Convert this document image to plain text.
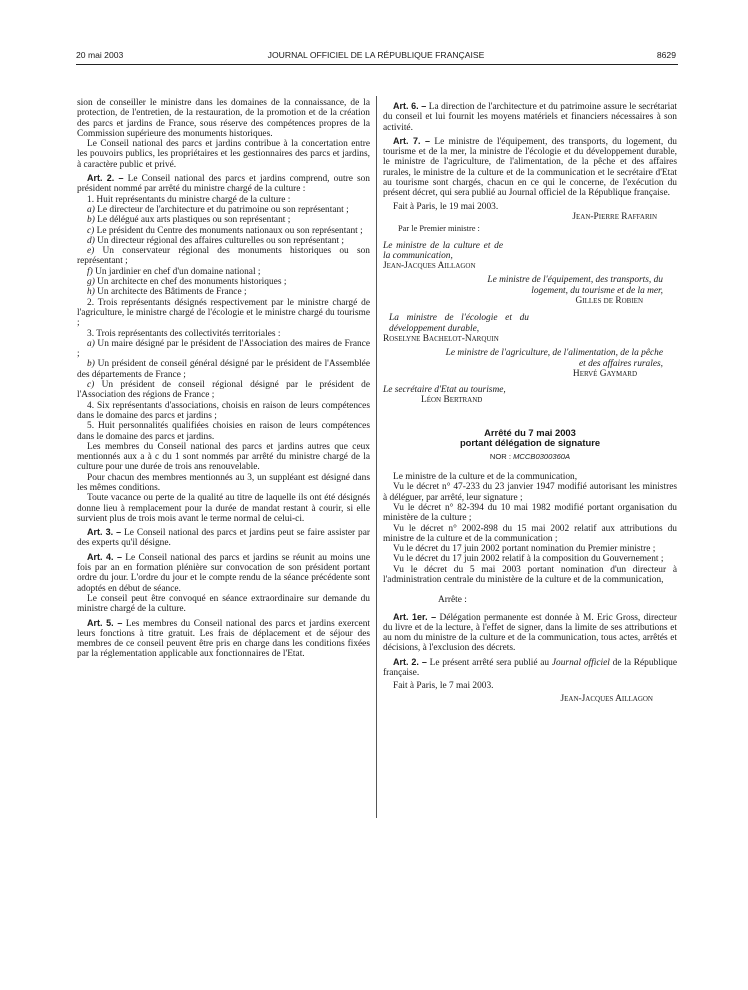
20 mai 2003	JOURNAL OFFICIEL DE LA RÉPUBLIQUE FRANÇAISE	8629

sion de conseiller le ministre dans les domaines de la connaissance, de la protection, de l'entretien, de la restauration, de la promotion et de la création des parcs et jardins de France, sous réserve des compétences propres de la Commission supérieure des monuments historiques.

Le Conseil national des parcs et jardins contribue à la concertation entre les pouvoirs publics, les propriétaires et les gestionnaires des parcs et jardins, à caractère public et privé.

Art. 2. – Le Conseil national des parcs et jardins comprend, outre son président nommé par arrêté du ministre chargé de la culture :

1. Huit représentants du ministre chargé de la culture :

a) Le directeur de l'architecture et du patrimoine ou son représentant ;

b) Le délégué aux arts plastiques ou son représentant ;

c) Le président du Centre des monuments nationaux ou son représentant ;

d) Un directeur régional des affaires culturelles ou son représentant ;

e) Un conservateur régional des monuments historiques ou son représentant ;

f) Un jardinier en chef d'un domaine national ;

g) Un architecte en chef des monuments historiques ;

h) Un architecte des Bâtiments de France ;

2. Trois représentants désignés respectivement par le ministre chargé de l'agriculture, le ministre chargé de l'écologie et le ministre chargé du tourisme ;

3. Trois représentants des collectivités territoriales :

a) Un maire désigné par le président de l'Association des maires de France ;

b) Un président de conseil général désigné par le président de l'Assemblée des départements de France ;

c) Un président de conseil régional désigné par le président de l'Association des régions de France ;

4. Six représentants d'associations, choisis en raison de leurs compétences dans le domaine des parcs et jardins ;

5. Huit personnalités qualifiées choisies en raison de leurs compétences dans le domaine des parcs et jardins.

Les membres du Conseil national des parcs et jardins autres que ceux mentionnés aux a à c du 1 sont nommés par arrêté du ministre chargé de la culture pour une durée de trois ans renouvelable.

Pour chacun des membres mentionnés au 3, un suppléant est désigné dans les mêmes conditions.

Toute vacance ou perte de la qualité au titre de laquelle ils ont été désignés donne lieu à remplacement pour la durée de mandat restant à courir, si elle survient plus de trois mois avant le terme normal de celui-ci.

Art. 3. – Le Conseil national des parcs et jardins peut se faire assister par des experts qu'il désigne.

Art. 4. – Le Conseil national des parcs et jardins se réunit au moins une fois par an en formation plénière sur convocation de son président portant ordre du jour. L'ordre du jour et le compte rendu de la séance précédente sont adoptés en début de séance.

Le conseil peut être convoqué en séance extraordinaire sur demande du ministre chargé de la culture.

Art. 5. – Les membres du Conseil national des parcs et jardins exercent leurs fonctions à titre gratuit. Les frais de déplacement et de séjour des membres de ce conseil peuvent être pris en charge dans les conditions fixées par la réglementation applicable aux fonctionnaires de l'Etat.

Art. 6. – La direction de l'architecture et du patrimoine assure le secrétariat du conseil et lui fournit les moyens matériels et financiers nécessaires à son activité.

Art. 7. – Le ministre de l'équipement, des transports, du logement, du tourisme et de la mer, la ministre de l'écologie et du développement durable, le ministre de l'agriculture, de l'alimentation, de la pêche et des affaires rurales, le ministre de la culture et de la communication et le secrétaire d'Etat au tourisme sont chargés, chacun en ce qui le concerne, de l'exécution du présent décret, qui sera publié au Journal officiel de la République française.

Fait à Paris, le 19 mai 2003.

Jean-Pierre Raffarin

Par le Premier ministre :

Le ministre de la culture et de la communication,

Jean-Jacques Aillagon

Le ministre de l'équipement, des transports, du logement, du tourisme et de la mer,

Gilles de Robien

La ministre de l'écologie et du développement durable,

Roselyne Bachelot-Narquin

Le ministre de l'agriculture, de l'alimentation, de la pêche et des affaires rurales,

Hervé Gaymard

Le secrétaire d'Etat au tourisme,

Léon Bertrand

Arrêté du 7 mai 2003
portant délégation de signature
NOR : MCCB0300360A

Le ministre de la culture et de la communication,

Vu le décret n° 47-233 du 23 janvier 1947 modifié autorisant les ministres à déléguer, par arrêté, leur signature ;

Vu le décret n° 82-394 du 10 mai 1982 modifié portant organisation du ministère de la culture ;

Vu le décret n° 2002-898 du 15 mai 2002 relatif aux attributions du ministre de la culture et de la communication ;

Vu le décret du 17 juin 2002 portant nomination du Premier ministre ;

Vu le décret du 17 juin 2002 relatif à la composition du Gouvernement ;

Vu le décret du 5 mai 2003 portant nomination d'un directeur à l'administration centrale du ministère de la culture et de la communication,

Arrête :

Art. 1er. – Délégation permanente est donnée à M. Eric Gross, directeur du livre et de la lecture, à l'effet de signer, dans la limite de ses attributions et au nom du ministre de la culture et de la communication, tous actes, arrêtés et décisions, à l'exclusion des décrets.

Art. 2. – Le présent arrêté sera publié au Journal officiel de la République française.

Fait à Paris, le 7 mai 2003.

Jean-Jacques Aillagon
